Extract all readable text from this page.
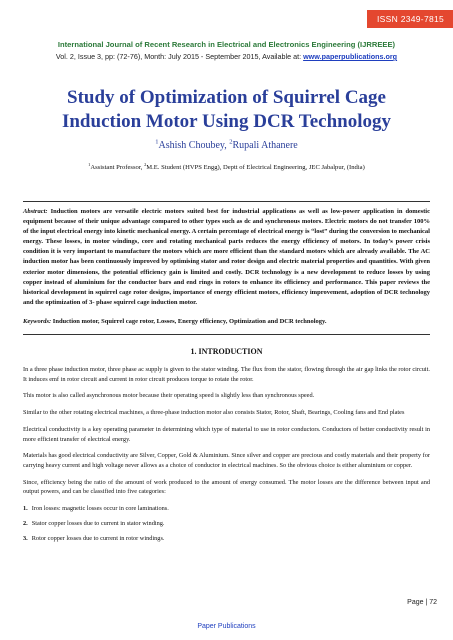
ISSN 2349-7815
International Journal of Recent Research in Electrical and Electronics Engineering (IJRREEE)
Vol. 2, Issue 3, pp: (72-76), Month: July 2015 - September 2015, Available at: www.paperpublications.org
Study of Optimization of Squirrel Cage
Induction Motor Using DCR Technology
$^1$Ashish Choubey, $^2$Rupali Athanere
$^1$Assistant Professor, $^2$M.E. Student (HVPS Engg), Deptt of Electrical Engineering, JEC Jabalpur, (India)
Abstract: Induction motors are versatile electric motors suited best for industrial applications as well as low-power application in domestic equipment because of their unique advantage compared to other types such as dc and synchronous motors. Electric motors do not transfer 100% of the input electrical energy into kinetic mechanical energy. A certain percentage of electrical energy is “lost” during the conversion to mechanical energy. These losses, in motor windings, core and rotating mechanical parts reduces the energy efficiency of motors. In today’s power crisis condition it is very important to manufacture the motors which are more efficient than the standard motors which are already available. The AC induction motor has been continuously improved by optimising stator and rotor design and electric material properties and quantities. With given exterior motor dimensions, the potential efficiency gain is limited and costly. DCR technology is a new development to reduce losses by using copper instead of aluminium for the conductor bars and end rings in rotors to enhance its efficiency and performance. This paper reviews the historical development in squirrel cage rotor designs, importance of energy efficient motors, efficiency improvement, adoption of DCR technology and the optimization of 3- phase squirrel cage induction motor.
Keywords: Induction motor, Squirrel cage rotor, Losses, Energy efficiency, Optimization and DCR technology.
1. INTRODUCTION

In a three phase induction motor, three phase ac supply is given to the stator winding. The flux from the stator, flowing through the air gap links the rotor circuit. It induces emf in rotor circuit and current in rotor circuit produces torque to rotate the rotor.

This motor is also called asynchronous motor because their operating speed is slightly less than synchronous speed.

Similar to the other rotating electrical machines, a three-phase induction motor also consists Stator, Rotor, Shaft, Bearings, Cooling fans and End plates

Electrical conductivity is a key operating parameter in determining which type of material to use in rotor conductors. Conductors of better conductivity result in more efficient transfer of electrical energy.

Materials has good electrical conductivity are Silver, Copper, Gold & Aluminium. Since silver and copper are precious and costly materials and their property for carrying heavy current and high voltage never allows as a choice of conductor in electrical machines. So the obvious choice is either aluminium or copper.

Since, efficiency being the ratio of the amount of work produced to the amount of energy consumed. The motor losses are the difference between input and output powers, and can be classified into five categories:

1. Iron losses: magnetic losses occur in core laminations.
2. Stator copper losses due to current in stator winding.
3. Rotor copper losses due to current in rotor windings.
Page | 72
Paper Publications
